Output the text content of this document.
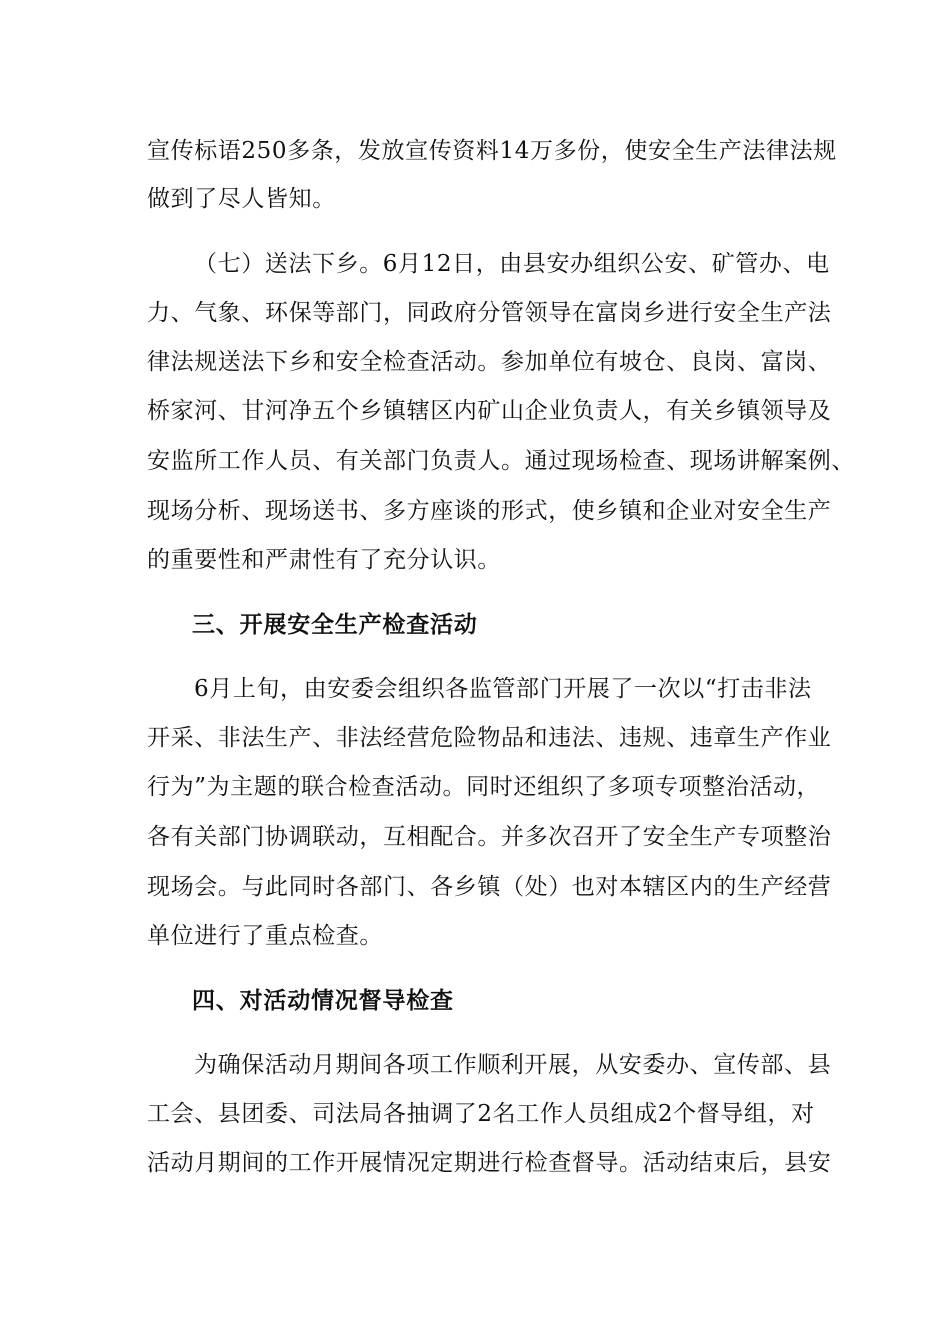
宣传标语250多条，发放宣传资料14万多份，使安全生产法律法规
做到了尽人皆知。
（七）送法下乡。6月12日，由县安办组织公安、矿管办、电
力、气象、环保等部门，同政府分管领导在富岗乡进行安全生产法
律法规送法下乡和安全检查活动。参加单位有坡仓、良岗、富岗、
桥家河、甘河净五个乡镇辖区内矿山企业负责人，有关乡镇领导及
安监所工作人员、有关部门负责人。通过现场检查、现场讲解案例、
现场分析、现场送书、多方座谈的形式，使乡镇和企业对安全生产
的重要性和严肃性有了充分认识。
三、开展安全生产检查活动
6月上旬，由安委会组织各监管部门开展了一次以“打击非法
开采、非法生产、非法经营危险物品和违法、违规、违章生产作业
行为”为主题的联合检查活动。同时还组织了多项专项整治活动，
各有关部门协调联动，互相配合。并多次召开了安全生产专项整治
现场会。与此同时各部门、各乡镇（处）也对本辖区内的生产经营
单位进行了重点检查。
四、对活动情况督导检查
为确保活动月期间各项工作顺利开展，从安委办、宣传部、县
工会、县团委、司法局各抽调了2名工作人员组成2个督导组，对
活动月期间的工作开展情况定期进行检查督导。活动结束后，县安
